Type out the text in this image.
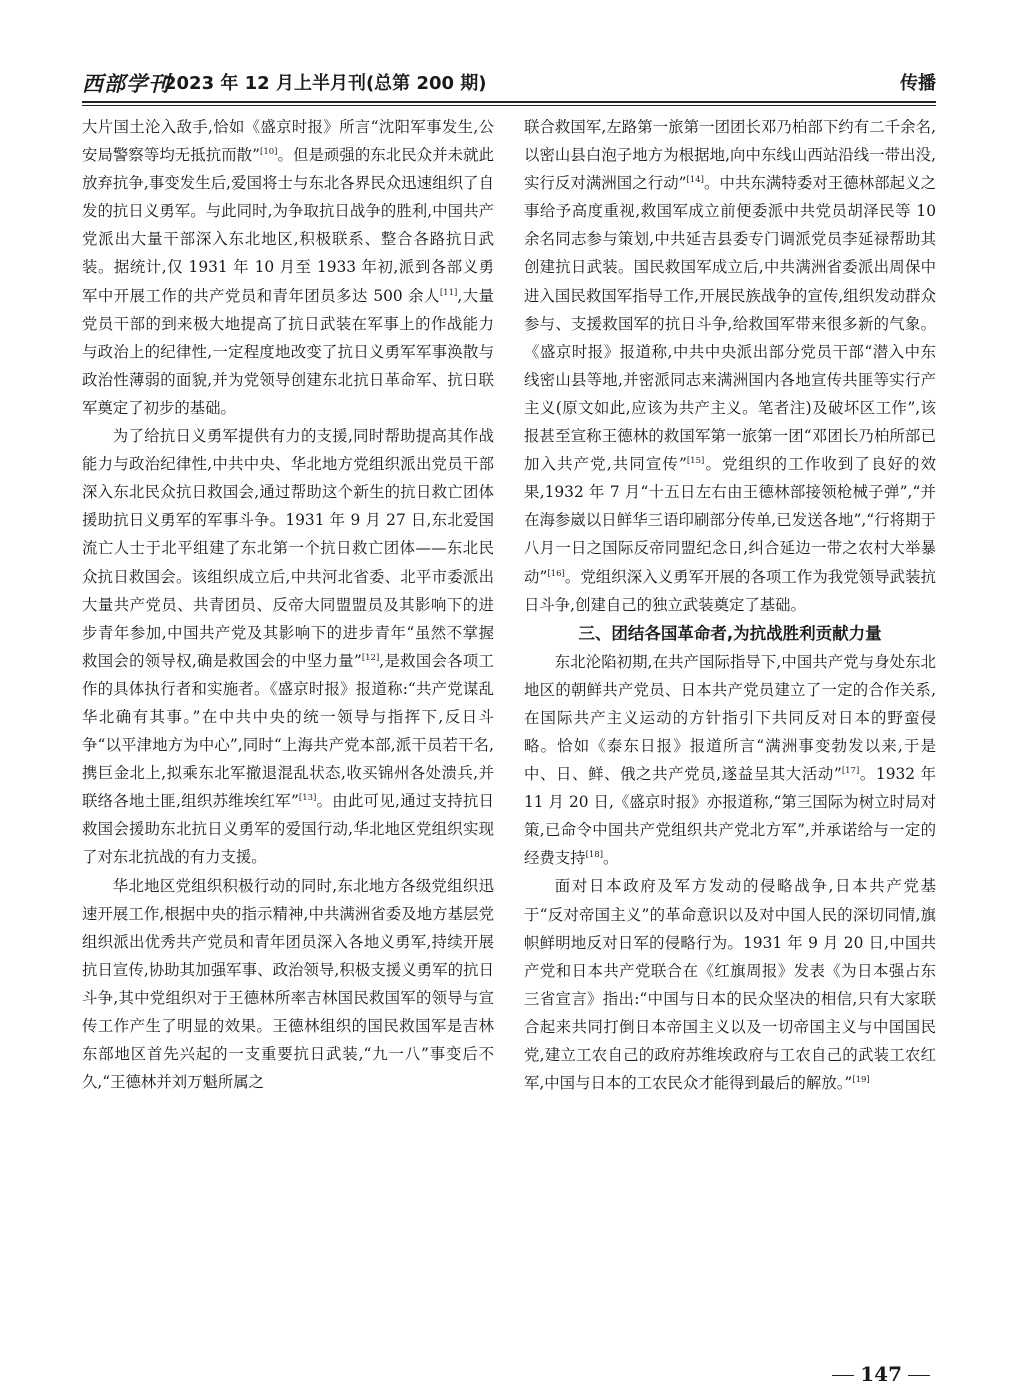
西部学刊
2023 年 12 月上半月刊(总第 200 期)	传播

大片国土沦入敌手,恰如《盛京时报》所言“沈阳军事发生,公安局警察等均无抵抗而散”[10]。但是顽强的东北民众并未就此放弃抗争,事变发生后,爱国将士与东北各界民众迅速组织了自发的抗日义勇军。与此同时,为争取抗日战争的胜利,中国共产党派出大量干部深入东北地区,积极联系、整合各路抗日武装。据统计,仅 1931 年 10 月至 1933 年初,派到各部义勇军中开展工作的共产党员和青年团员多达 500 余人[11],大量党员干部的到来极大地提高了抗日武装在军事上的作战能力与政治上的纪律性,一定程度地改变了抗日义勇军军事涣散与政治性薄弱的面貌,并为党领导创建东北抗日革命军、抗日联军奠定了初步的基础。

为了给抗日义勇军提供有力的支援,同时帮助提高其作战能力与政治纪律性,中共中央、华北地方党组织派出党员干部深入东北民众抗日救国会,通过帮助这个新生的抗日救亡团体援助抗日义勇军的军事斗争。1931 年 9 月 27 日,东北爱国流亡人士于北平组建了东北第一个抗日救亡团体——东北民众抗日救国会。该组织成立后,中共河北省委、北平市委派出大量共产党员、共青团员、反帝大同盟盟员及其影响下的进步青年参加,中国共产党及其影响下的进步青年“虽然不掌握救国会的领导权,确是救国会的中坚力量”[12],是救国会各项工作的具体执行者和实施者。《盛京时报》报道称:“共产党谋乱华北确有其事。”在中共中央的统一领导与指挥下,反日斗争“以平津地方为中心”,同时“上海共产党本部,派干员若干名,携巨金北上,拟乘东北军撤退混乱状态,收买锦州各处溃兵,并联络各地土匪,组织苏维埃红军”[13]。由此可见,通过支持抗日救国会援助东北抗日义勇军的爱国行动,华北地区党组织实现了对东北抗战的有力支援。

华北地区党组织积极行动的同时,东北地方各级党组织迅速开展工作,根据中央的指示精神,中共满洲省委及地方基层党组织派出优秀共产党员和青年团员深入各地义勇军,持续开展抗日宣传,协助其加强军事、政治领导,积极支援义勇军的抗日斗争,其中党组织对于王德林所率吉林国民救国军的领导与宣传工作产生了明显的效果。王德林组织的国民救国军是吉林东部地区首先兴起的一支重要抗日武装,“九一八”事变后不久,“王德林并刘万魁所属之

联合救国军,左路第一旅第一团团长邓乃柏部下约有二千余名,以密山县白泡子地方为根据地,向中东线山西站沿线一带出没,实行反对满洲国之行动”[14]。中共东满特委对王德林部起义之事给予高度重视,救国军成立前便委派中共党员胡泽民等 10 余名同志参与策划,中共延吉县委专门调派党员李延禄帮助其创建抗日武装。国民救国军成立后,中共满洲省委派出周保中进入国民救国军指导工作,开展民族战争的宣传,组织发动群众参与、支援救国军的抗日斗争,给救国军带来很多新的气象。《盛京时报》报道称,中共中央派出部分党员干部“潜入中东线密山县等地,并密派同志来满洲国内各地宣传共匪等实行产主义(原文如此,应该为共产主义。笔者注)及破坏区工作”,该报甚至宣称王德林的救国军第一旅第一团“邓团长乃柏所部已加入共产党,共同宣传”[15]。党组织的工作收到了良好的效果,1932 年 7 月“十五日左右由王德林部接领枪械子弹”,“并在海参崴以日鲜华三语印刷部分传单,已发送各地”,“行将期于八月一日之国际反帝同盟纪念日,纠合延边一带之农村大举暴动”[16]。党组织深入义勇军开展的各项工作为我党领导武装抗日斗争,创建自己的独立武装奠定了基础。

三、团结各国革命者,为抗战胜利贡献力量

东北沦陷初期,在共产国际指导下,中国共产党与身处东北地区的朝鲜共产党员、日本共产党员建立了一定的合作关系,在国际共产主义运动的方针指引下共同反对日本的野蛮侵略。恰如《泰东日报》报道所言“满洲事变勃发以来,于是中、日、鲜、俄之共产党员,遂益呈其大活动”[17]。1932 年 11 月 20 日,《盛京时报》亦报道称,“第三国际为树立时局对策,已命令中国共产党组织共产党北方军”,并承诺给与一定的经费支持[18]。

面对日本政府及军方发动的侵略战争,日本共产党基于“反对帝国主义”的革命意识以及对中国人民的深切同情,旗帜鲜明地反对日军的侵略行为。1931 年 9 月 20 日,中国共产党和日本共产党联合在《红旗周报》发表《为日本强占东三省宣言》指出:“中国与日本的民众坚决的相信,只有大家联合起来共同打倒日本帝国主义以及一切帝国主义与中国国民党,建立工农自己的政府苏维埃政府与工农自己的武装工农红军,中国与日本的工农民众才能得到最后的解放。”[19]

147
